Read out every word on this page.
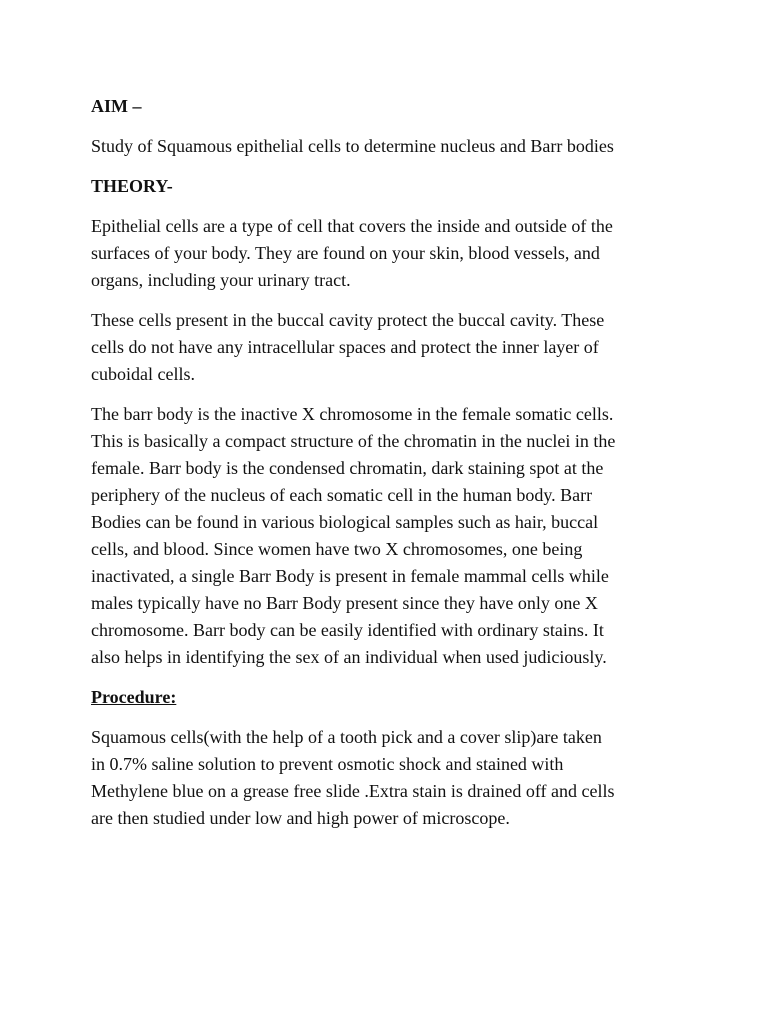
AIM –
Study of Squamous epithelial cells to determine nucleus and Barr bodies
THEORY-
Epithelial cells are a type of cell that covers the inside and outside of the
surfaces of your body. They are found on your skin, blood vessels, and
organs, including your urinary tract.
These cells present in the buccal cavity protect the buccal cavity. These
cells do not have any intracellular spaces and protect the inner layer of
cuboidal cells.
The barr body is the inactive X chromosome in the female somatic cells.
This is basically a compact structure of the chromatin in the nuclei in the
female. Barr body is the condensed chromatin, dark staining spot at the
periphery of the nucleus of each somatic cell in the human body. Barr
Bodies can be found in various biological samples such as hair, buccal
cells, and blood. Since women have two X chromosomes, one being
inactivated, a single Barr Body is present in female mammal cells while
males typically have no Barr Body present since they have only one X
chromosome. Barr body can be easily identified with ordinary stains. It
also helps in identifying the sex of an individual when used judiciously.
Procedure:
Squamous cells(with the help of a tooth pick and a cover slip)are taken
in 0.7% saline solution to prevent osmotic shock and stained with
Methylene blue on a grease free slide .Extra stain is drained off and cells
are then studied under low and high power of microscope.
